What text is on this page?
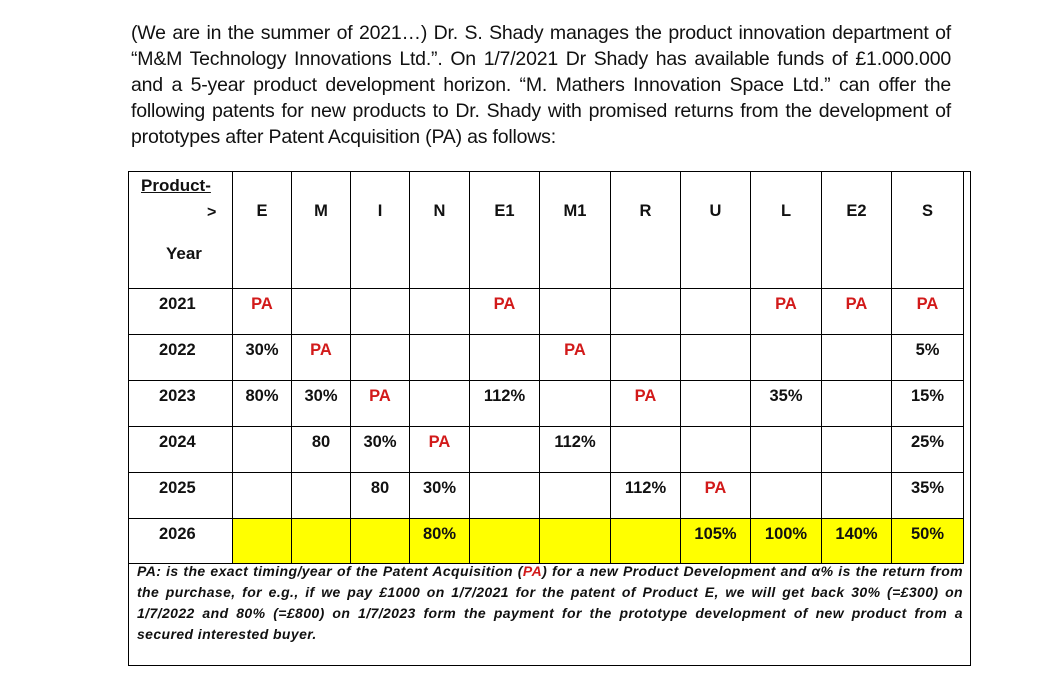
(We are in the summer of 2021…) Dr. S. Shady manages the product innovation department of “M&M Technology Innovations Ltd.”. On 1/7/2021 Dr Shady has available funds of £1.000.000 and a 5-year product development horizon. “M. Mathers Innovation Space Ltd.” can offer the following patents for new products to Dr. Shady with promised returns from the development of prototypes after Patent Acquisition (PA) as follows:
Product-
>
Year	E	M	I	N	E1	M1	R	U	L	E2	S
2021	PA				PA				PA	PA	PA
2022	30%	PA				PA					5%
2023	80%	30%	PA		112%		PA		35%		15%
2024		80	30%	PA		112%					25%
2025			80	30%			112%	PA			35%
2026				80%				105%	100%	140%	50%
PA: is the exact timing/year of the Patent Acquisition (PA) for a new Product Development and α% is the return from the purchase, for e.g., if we pay £1000 on 1/7/2021 for the patent of Product E, we will get back 30% (=£300) on 1/7/2022 and 80% (=£800) on 1/7/2023 form the payment for the prototype development of new product from a secured interested buyer.
